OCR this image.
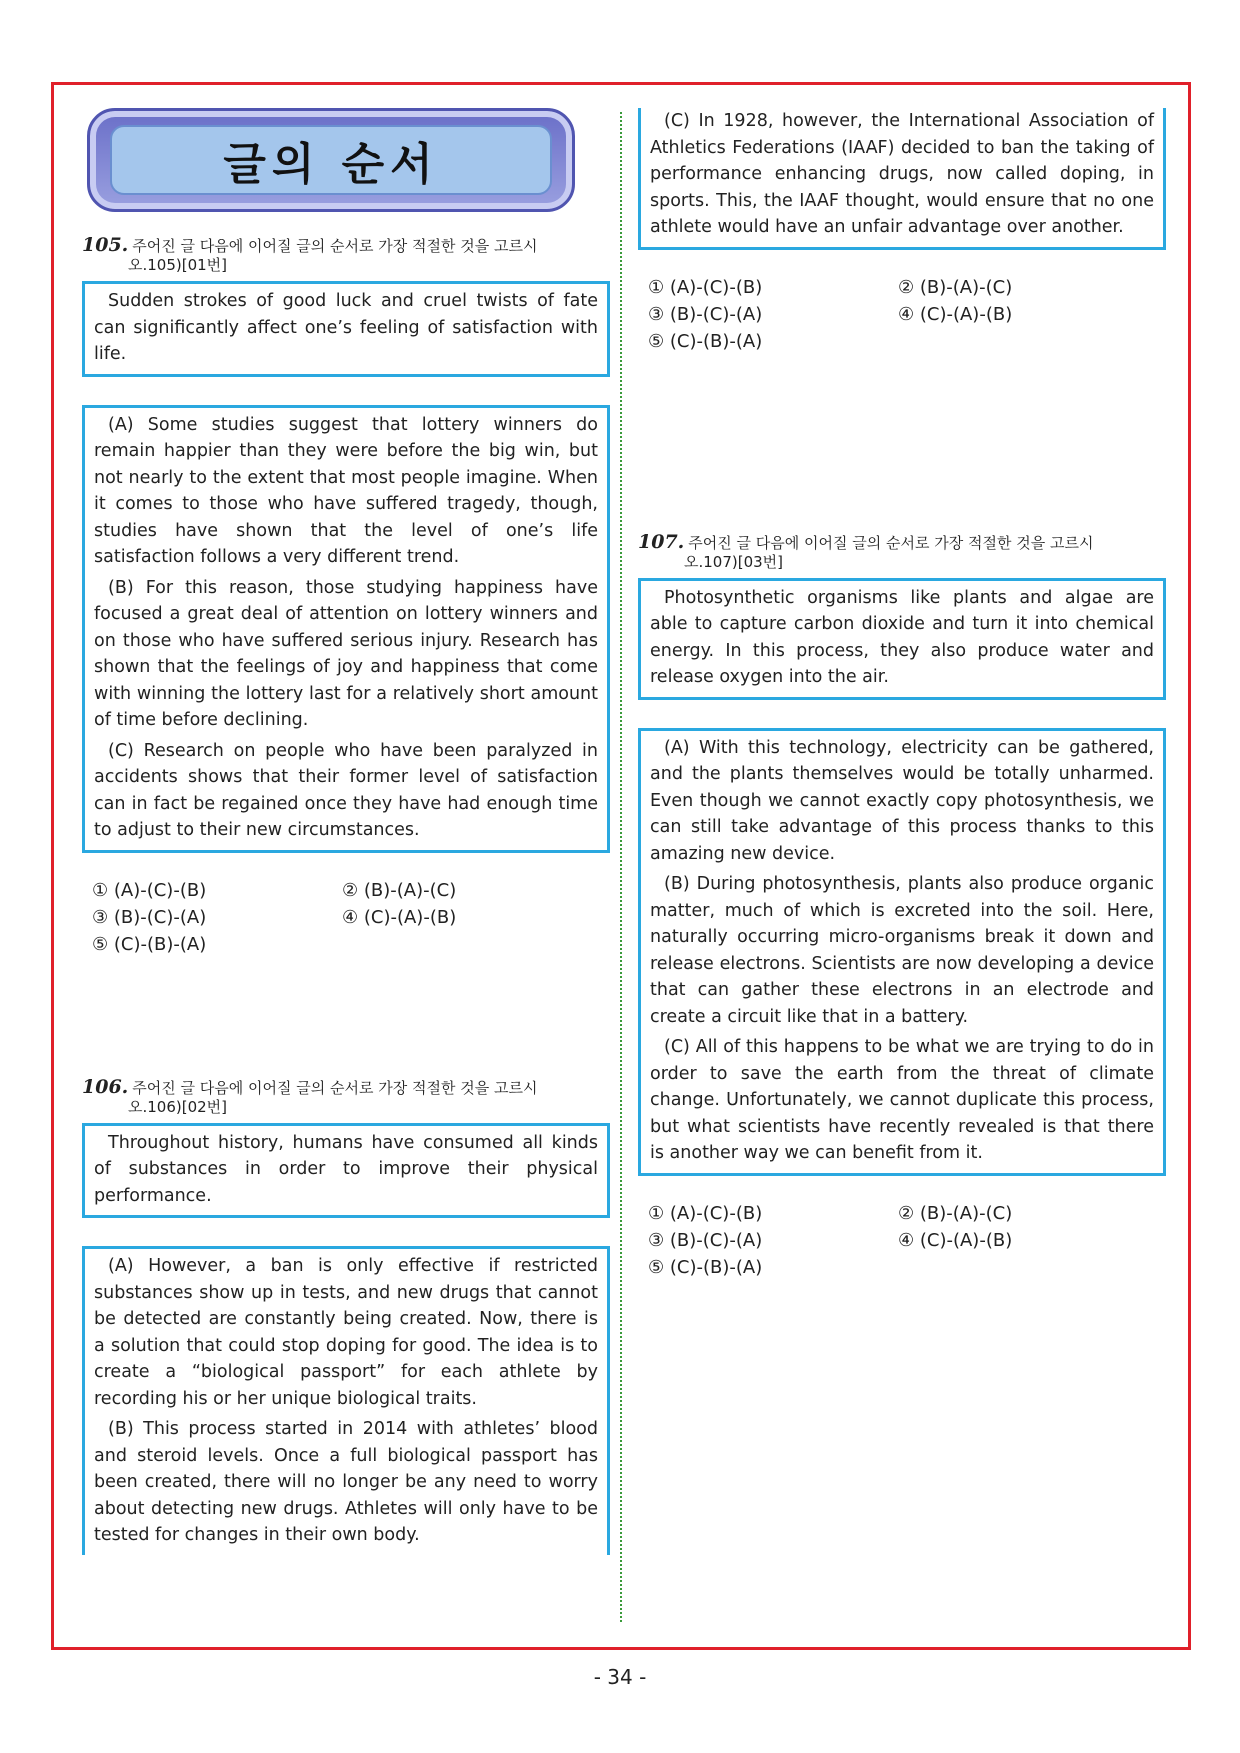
글의 순서
105. 주어진 글 다음에 이어질 글의 순서로 가장 적절한 것을 고르시
오.105)[01번]

Sudden strokes of good luck and cruel twists of fate can significantly affect one’s feeling of satisfaction with life.

(A) Some studies suggest that lottery winners do remain happier than they were before the big win, but not nearly to the extent that most people imagine. When it comes to those who have suffered tragedy, though, studies have shown that the level of one’s life satisfaction follows a very different trend.

(B) For this reason, those studying happiness have focused a great deal of attention on lottery winners and on those who have suffered serious injury. Research has shown that the feelings of joy and happiness that come with winning the lottery last for a relatively short amount of time before declining.

(C) Research on people who have been paralyzed in accidents shows that their former level of satisfaction can in fact be regained once they have had enough time to adjust to their new circumstances.

① (A)-(C)-(B)	② (B)-(A)-(C)
③ (B)-(C)-(A)	④ (C)-(A)-(B)
⑤ (C)-(B)-(A)
106. 주어진 글 다음에 이어질 글의 순서로 가장 적절한 것을 고르시
오.106)[02번]

Throughout history, humans have consumed all kinds of substances in order to improve their physical performance.

(A) However, a ban is only effective if restricted substances show up in tests, and new drugs that cannot be detected are constantly being created. Now, there is a solution that could stop doping for good. The idea is to create a “biological passport” for each athlete by recording his or her unique biological traits.

(B) This process started in 2014 with athletes’ blood and steroid levels. Once a full biological passport has been created, there will no longer be any need to worry about detecting new drugs. Athletes will only have to be tested for changes in their own body.

(C) In 1928, however, the International Association of Athletics Federations (IAAF) decided to ban the taking of performance enhancing drugs, now called doping, in sports. This, the IAAF thought, would ensure that no one athlete would have an unfair advantage over another.

① (A)-(C)-(B)	② (B)-(A)-(C)
③ (B)-(C)-(A)	④ (C)-(A)-(B)
⑤ (C)-(B)-(A)
107. 주어진 글 다음에 이어질 글의 순서로 가장 적절한 것을 고르시
오.107)[03번]

Photosynthetic organisms like plants and algae are able to capture carbon dioxide and turn it into chemical energy. In this process, they also produce water and release oxygen into the air.

(A) With this technology, electricity can be gathered, and the plants themselves would be totally unharmed. Even though we cannot exactly copy photosynthesis, we can still take advantage of this process thanks to this amazing new device.

(B) During photosynthesis, plants also produce organic matter, much of which is excreted into the soil. Here, naturally occurring micro-organisms break it down and release electrons. Scientists are now developing a device that can gather these electrons in an electrode and create a circuit like that in a battery.

(C) All of this happens to be what we are trying to do in order to save the earth from the threat of climate change. Unfortunately, we cannot duplicate this process, but what scientists have recently revealed is that there is another way we can benefit from it.

① (A)-(C)-(B)	② (B)-(A)-(C)
③ (B)-(C)-(A)	④ (C)-(A)-(B)
⑤ (C)-(B)-(A)
- 34 -
